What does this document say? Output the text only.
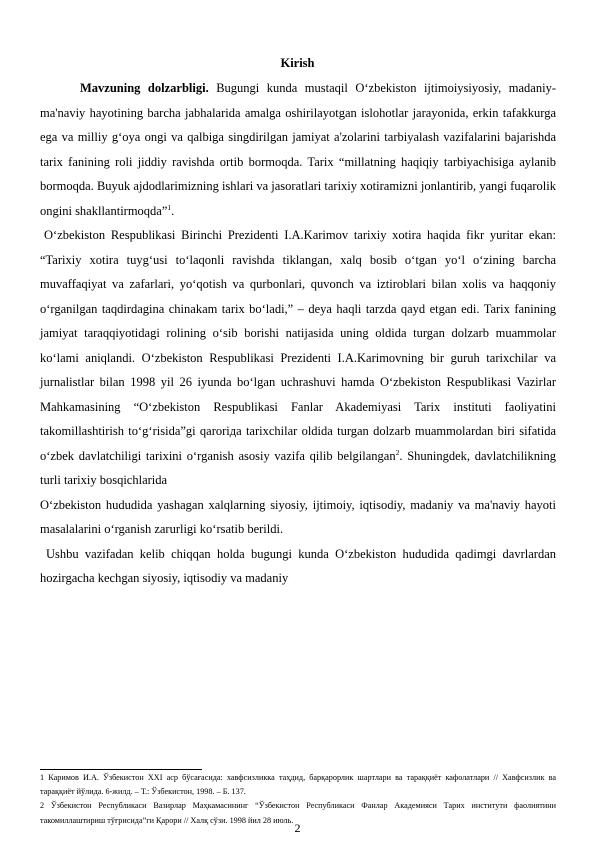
Kirish

Mavzuning dolzarbligi. Bugungi kunda mustaqil O‘zbekiston ijtimoiysiyosiy, madaniy-ma'naviy hayotining barcha jabhalarida amalga oshirilayotgan islohotlar jarayonida, erkin tafakkurga ega va milliy g‘oya ongi va qalbiga singdirilgan jamiyat a'zolarini tarbiyalash vazifalarini bajarishda tarix fanining roli jiddiy ravishda ortib bormoqda. Tarix “millatning haqiqiy tarbiyachisiga aylanib bormoqda. Buyuk ajdodlarimizning ishlari va jasoratlari tarixiy xotiramizni jonlantirib, yangi fuqarolik ongini shakllantirmoqda”$^1$.

O‘zbekiston Respublikasi Birinchi Prezidenti I.A.Karimov tarixiy xotira haqida fikr yuritar ekan: “Tarixiy xotira tuyg‘usi to‘laqonli ravishda tiklangan, xalq bosib o‘tgan yo‘l o‘zining barcha muvaffaqiyat va zafarlari, yo‘qotish va qurbonlari, quvonch va iztiroblari bilan xolis va haqqoniy o‘rganilgan taqdirdagina chinakam tarix bo‘ladi,” – deya haqli tarzda qayd etgan edi. Tarix fanining jamiyat taraqqiyotidagi rolining o‘sib borishi natijasida uning oldida turgan dolzarb muammolar ko‘lami aniqlandi. O‘zbekiston Respublikasi Prezidenti I.A.Karimovning bir guruh tarixchilar va jurnalistlar bilan 1998 yil 26 iyunda bo‘lgan uchrashuvi hamda O‘zbekiston Respublikasi Vazirlar Mahkamasining “O‘zbekiston Respublikasi Fanlar Akademiyasi Tarix instituti faoliyatini takomillashtirish to‘g‘risida”gi qaroriда tarixchilar oldida turgan dolzarb muammolardan biri sifatida o‘zbek davlatchiligi tarixini o‘rganish asosiy vazifa qilib belgilangan$^2$. Shuningdek, davlatchilikning turli tarixiy bosqichlarida

O‘zbekiston hududida yashagan xalqlarning siyosiy, ijtimoiy, iqtisodiy, madaniy va ma'naviy hayoti masalalarini o‘rganish zarurligi ko‘rsatib berildi.

Ushbu vazifadan kelib chiqqan holda bugungi kunda O‘zbekiston hududida qadimgi davrlardan hozirgacha kechgan siyosiy, iqtisodiy va madaniy

1 Каримов И.А. Ўзбекистон XXI аср бўсағасида: хавфсизликка таҳдид, барқарорлик шартлари ва тараққиёт кафолатлари // Хавфсизлик ва тараққиёт йўлида. 6-жилд. – Т.: Ўзбекистон, 1998. – Б. 137.

2 Ўзбекистон Республикаси Вазирлар Маҳкамасининг “Ўзбекистон Республикаси Фанлар Академияси Тарих институти фаолиятини такомиллаштириш тўғрисида”ги Қарори // Халқ сўзи. 1998 йил 28 июль.

2
